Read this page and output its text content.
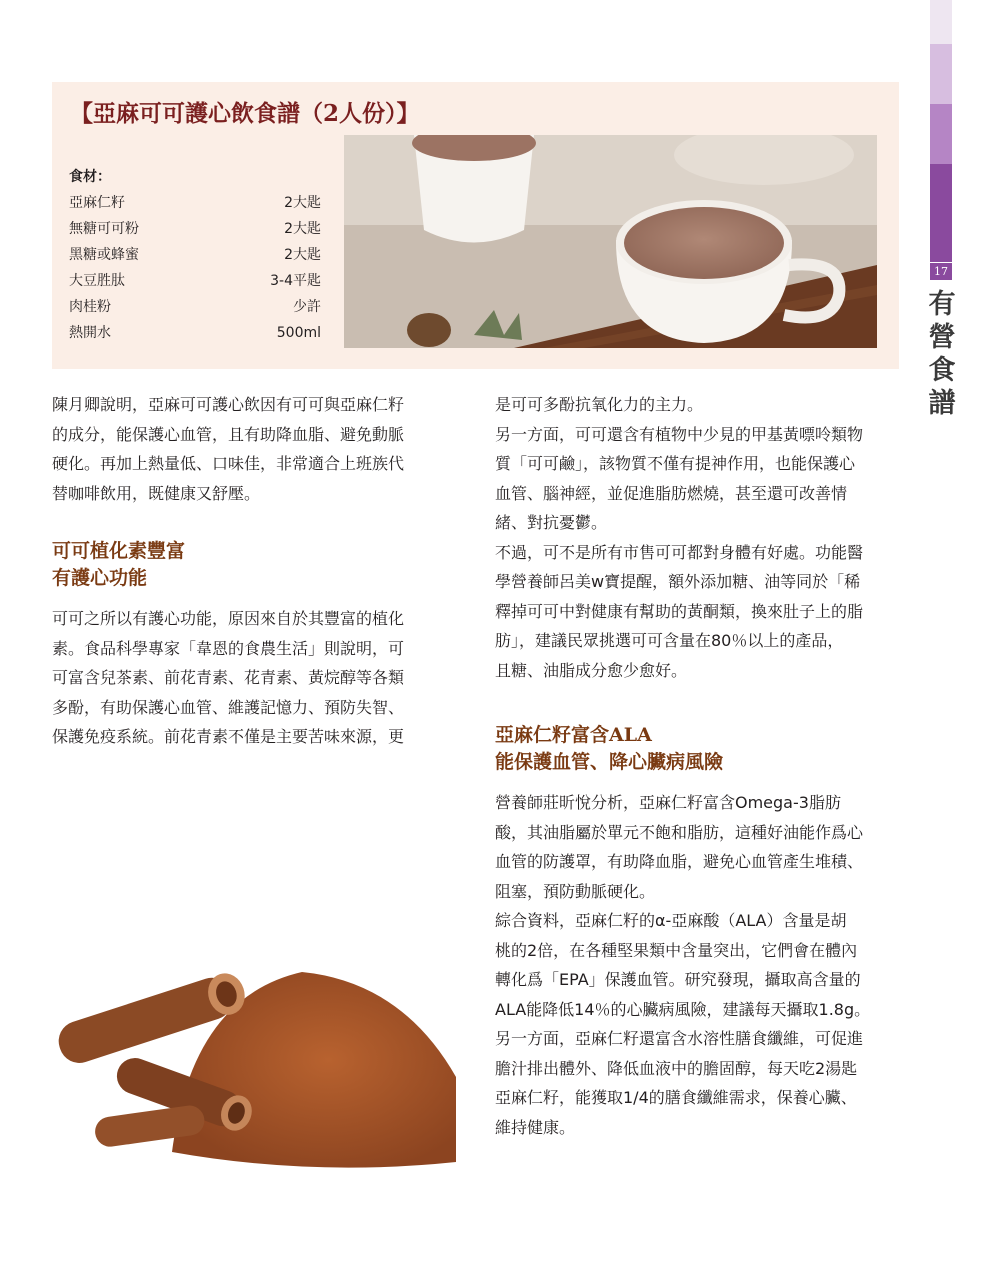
17
有
營
食
譜
【亞麻可可護心飲食譜（2人份）】
食材：
亞麻仁籽	2大匙
無糖可可粉	2大匙
黑糖或蜂蜜	2大匙
大豆胜肽	3-4平匙
肉桂粉	少許
熱開水	500ml

陳月卿說明，亞麻可可護心飲因有可可與亞麻仁籽

的成分，能保護心血管，且有助降血脂、避免動脈

硬化。再加上熱量低、口味佳，非常適合上班族代

替咖啡飲用，既健康又舒壓。

可可植化素豐富
有護心功能

可可之所以有護心功能，原因來自於其豐富的植化

素。食品科學專家「韋恩的食農生活」則說明，可

可富含兒茶素、前花青素、花青素、黃烷醇等各類

多酚，有助保護心血管、維護記憶力、預防失智、

保護免疫系統。前花青素不僅是主要苦味來源，更

是可可多酚抗氧化力的主力。

另一方面，可可還含有植物中少見的甲基黃嘌呤類物

質「可可鹼」，該物質不僅有提神作用，也能保護心

血管、腦神經，並促進脂肪燃燒，甚至還可改善情

緒、對抗憂鬱。

不過，可不是所有市售可可都對身體有好處。功能醫

學營養師呂美w寶提醒，額外添加糖、油等同於「稀

釋掉可可中對健康有幫助的黃酮類，換來肚子上的脂

肪」，建議民眾挑選可可含量在80％以上的產品，

且糖、油脂成分愈少愈好。

亞麻仁籽富含ALA
能保護血管、降心臟病風險

營養師莊昕悅分析，亞麻仁籽富含Omega-3脂肪

酸，其油脂屬於單元不飽和脂肪，這種好油能作爲心

血管的防護罩，有助降血脂，避免心血管產生堆積、

阻塞，預防動脈硬化。

綜合資料，亞麻仁籽的α-亞麻酸（ALA）含量是胡

桃的2倍，在各種堅果類中含量突出，它們會在體內

轉化爲「EPA」保護血管。研究發現，攝取高含量的

ALA能降低14％的心臟病風險，建議每天攝取1.8g。

另一方面，亞麻仁籽還富含水溶性膳食纖維，可促進

膽汁排出體外、降低血液中的膽固醇，每天吃2湯匙

亞麻仁籽，能獲取1/4的膳食纖維需求，保養心臟、

維持健康。
